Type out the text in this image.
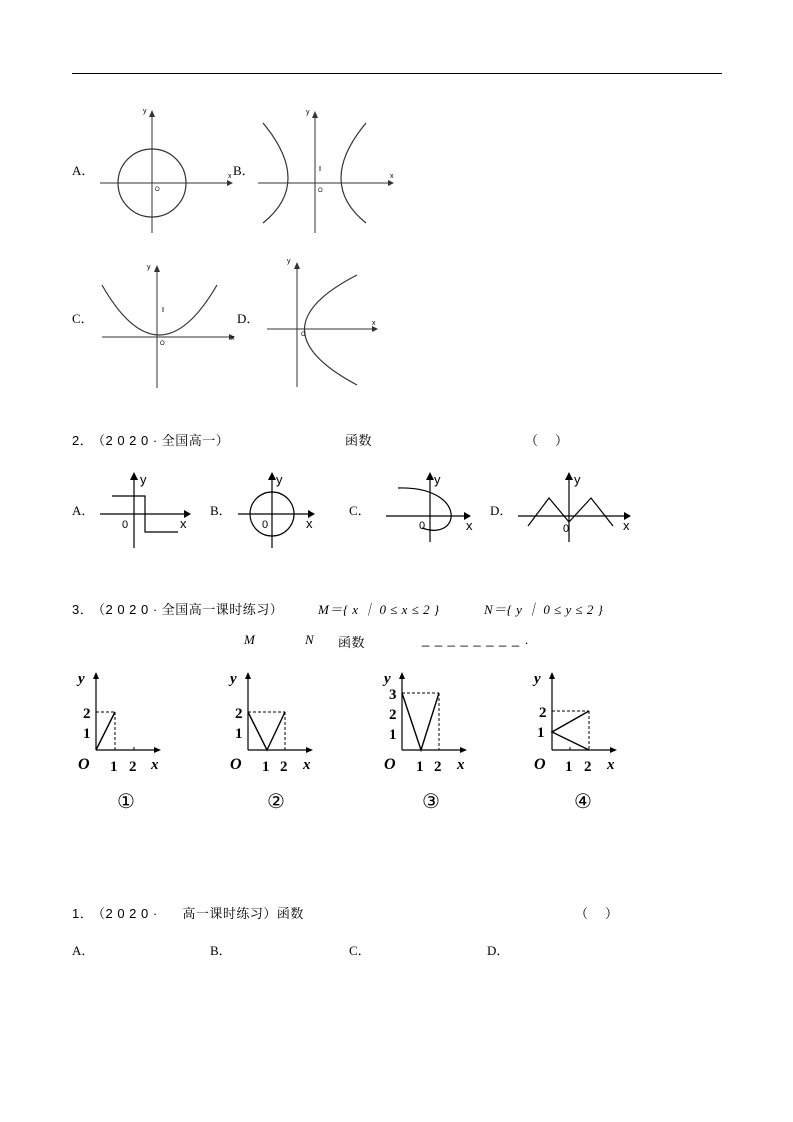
A．	x
y
O
B．	x
y
O
C．
x
y
O
D．	x
y
O
2．
（2 0 2 0 · 全国高一）	函数	（    ）
A．
y
x
0
B．
y
x
0
C．
y
x
0
D．
y
x
0
3．
（2 0 2 0 · 全国高一课时练习）	M＝{ x ｜ 0 ≤ x ≤ 2 }	N＝{ y ｜ 0 ≤ y ≤ 2 }
M	N 函数	_ _ _ _ _ _ _ _ .
y
2
1
O 1 2 x
①
y
2
1
O 1 2 x
②
y
3
2
1
O 1 2 x
③
y
2
1
O 1 2 x
④
1．
（2 0 2 0 ·      高一课时练习）函数	（    ）
A．	B．	C．	D．
